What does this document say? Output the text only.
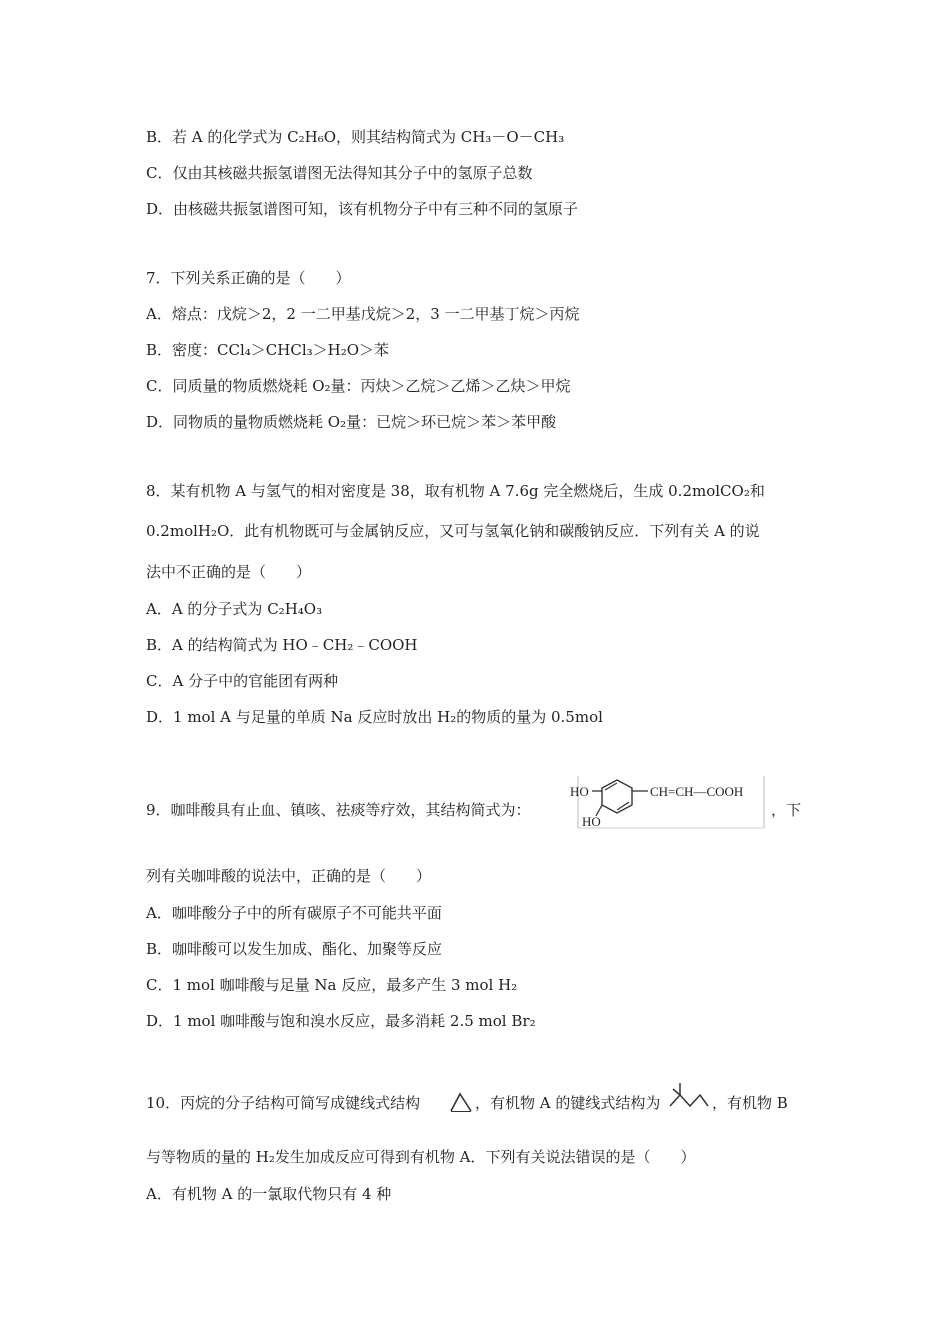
B．若 A 的化学式为 C₂H₆O，则其结构简式为 CH₃－O－CH₃
C．仅由其核磁共振氢谱图无法得知其分子中的氢原子总数
D．由核磁共振氢谱图可知，该有机物分子中有三种不同的氢原子
7．下列关系正确的是（　　）
A．熔点：戊烷＞2，2 一二甲基戊烷＞2，3 一二甲基丁烷＞丙烷
B．密度：CCl₄＞CHCl₃＞H₂O＞苯
C．同质量的物质燃烧耗 O₂量：丙炔＞乙烷＞乙烯＞乙炔＞甲烷
D．同物质的量物质燃烧耗 O₂量：已烷＞环已烷＞苯＞苯甲酸
8．某有机物 A 与氢气的相对密度是 38，取有机物 A 7.6g 完全燃烧后，生成 0.2molCO₂和
0.2molH₂O．此有机物既可与金属钠反应，又可与氢氧化钠和碳酸钠反应．下列有关 A 的说
法中不正确的是（　　）
A．A 的分子式为 C₂H₄O₃
B．A 的结构简式为 HO﹣CH₂﹣COOH
C．A 分子中的官能团有两种
D．1 mol A 与足量的单质 Na 反应时放出 H₂的物质的量为 0.5mol
9．咖啡酸具有止血、镇咳、祛痰等疗效，其结构简式为：
HO
HO
CH=CH—COOH
，下
列有关咖啡酸的说法中，正确的是（　　）
A．咖啡酸分子中的所有碳原子不可能共平面
B．咖啡酸可以发生加成、酯化、加聚等反应
C．1 mol 咖啡酸与足量 Na 反应，最多产生 3 mol H₂
D．1 mol 咖啡酸与饱和溴水反应，最多消耗 2.5 mol Br₂
10．丙烷的分子结构可简写成键线式结构	，有机物 A 的键线式结构为	，有机物 B
与等物质的量的 H₂发生加成反应可得到有机物 A．下列有关说法错误的是（　　）
A．有机物 A 的一氯取代物只有 4 种
